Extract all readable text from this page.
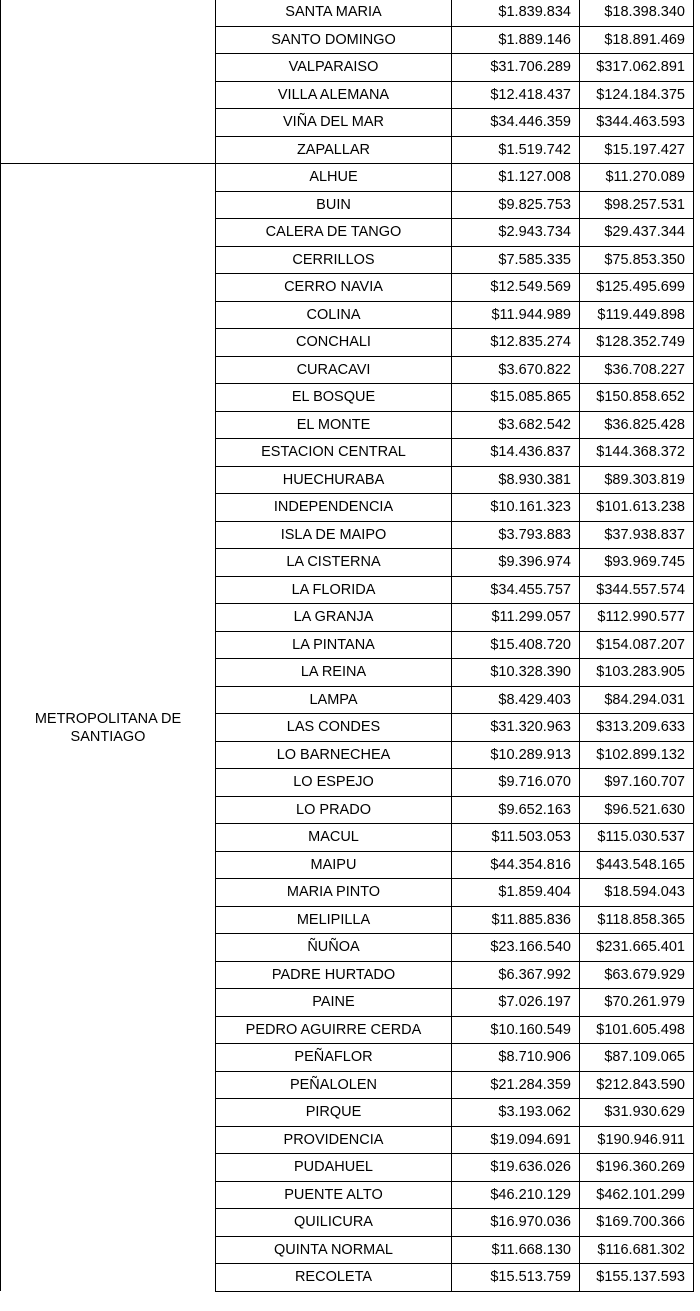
	SANTA MARIA	$1.839.834	$18.398.340
	SANTO DOMINGO	$1.889.146	$18.891.469
	VALPARAISO	$31.706.289	$317.062.891
	VILLA ALEMANA	$12.418.437	$124.184.375
	VIÑA DEL MAR	$34.446.359	$344.463.593
	ZAPALLAR	$1.519.742	$15.197.427
METROPOLITANA DE SANTIAGO	ALHUE	$1.127.008	$11.270.089
	BUIN	$9.825.753	$98.257.531
	CALERA DE TANGO	$2.943.734	$29.437.344
	CERRILLOS	$7.585.335	$75.853.350
	CERRO NAVIA	$12.549.569	$125.495.699
	COLINA	$11.944.989	$119.449.898
	CONCHALI	$12.835.274	$128.352.749
	CURACAVI	$3.670.822	$36.708.227
	EL BOSQUE	$15.085.865	$150.858.652
	EL MONTE	$3.682.542	$36.825.428
	ESTACION CENTRAL	$14.436.837	$144.368.372
	HUECHURABA	$8.930.381	$89.303.819
	INDEPENDENCIA	$10.161.323	$101.613.238
	ISLA DE MAIPO	$3.793.883	$37.938.837
	LA CISTERNA	$9.396.974	$93.969.745
	LA FLORIDA	$34.455.757	$344.557.574
	LA GRANJA	$11.299.057	$112.990.577
	LA PINTANA	$15.408.720	$154.087.207
	LA REINA	$10.328.390	$103.283.905
	LAMPA	$8.429.403	$84.294.031
	LAS CONDES	$31.320.963	$313.209.633
	LO BARNECHEA	$10.289.913	$102.899.132
	LO ESPEJO	$9.716.070	$97.160.707
	LO PRADO	$9.652.163	$96.521.630
	MACUL	$11.503.053	$115.030.537
	MAIPU	$44.354.816	$443.548.165
	MARIA PINTO	$1.859.404	$18.594.043
	MELIPILLA	$11.885.836	$118.858.365
	ÑUÑOA	$23.166.540	$231.665.401
	PADRE HURTADO	$6.367.992	$63.679.929
	PAINE	$7.026.197	$70.261.979
	PEDRO AGUIRRE CERDA	$10.160.549	$101.605.498
	PEÑAFLOR	$8.710.906	$87.109.065
	PEÑALOLEN	$21.284.359	$212.843.590
	PIRQUE	$3.193.062	$31.930.629
	PROVIDENCIA	$19.094.691	$190.946.911
	PUDAHUEL	$19.636.026	$196.360.269
	PUENTE ALTO	$46.210.129	$462.101.299
	QUILICURA	$16.970.036	$169.700.366
	QUINTA NORMAL	$11.668.130	$116.681.302
	RECOLETA	$15.513.759	$155.137.593
